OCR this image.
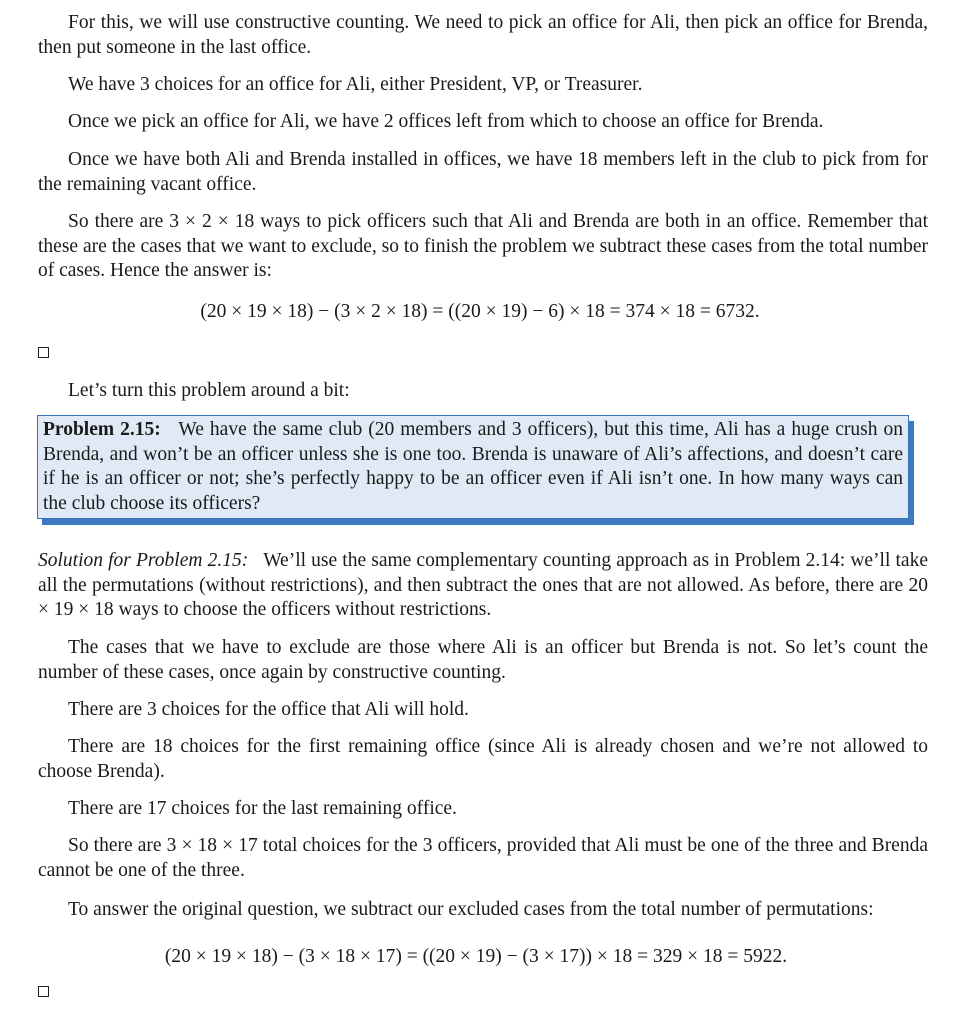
For this, we will use constructive counting. We need to pick an office for Ali, then pick an office for Brenda, then put someone in the last office.

We have 3 choices for an office for Ali, either President, VP, or Treasurer.

Once we pick an office for Ali, we have 2 offices left from which to choose an office for Brenda.

Once we have both Ali and Brenda installed in offices, we have 18 members left in the club to pick from for the remaining vacant office.

So there are 3 × 2 × 18 ways to pick officers such that Ali and Brenda are both in an office. Remember that these are the cases that we want to exclude, so to finish the problem we subtract these cases from the total number of cases. Hence the answer is:

(20 × 19 × 18) − (3 × 2 × 18) = ((20 × 19) − 6) × 18 = 374 × 18 = 6732.

Let’s turn this problem around a bit:

Problem 2.15: We have the same club (20 members and 3 officers), but this time, Ali has a huge crush on Brenda, and won’t be an officer unless she is one too. Brenda is unaware of Ali’s affections, and doesn’t care if he is an officer or not; she’s perfectly happy to be an officer even if Ali isn’t one. In how many ways can the club choose its officers?

Solution for Problem 2.15: We’ll use the same complementary counting approach as in Problem 2.14: we’ll take all the permutations (without restrictions), and then subtract the ones that are not allowed. As before, there are 20 × 19 × 18 ways to choose the officers without restrictions.

The cases that we have to exclude are those where Ali is an officer but Brenda is not. So let’s count the number of these cases, once again by constructive counting.

There are 3 choices for the office that Ali will hold.

There are 18 choices for the first remaining office (since Ali is already chosen and we’re not allowed to choose Brenda).

There are 17 choices for the last remaining office.

So there are 3 × 18 × 17 total choices for the 3 officers, provided that Ali must be one of the three and Brenda cannot be one of the three.

To answer the original question, we subtract our excluded cases from the total number of permutations:

(20 × 19 × 18) − (3 × 18 × 17) = ((20 × 19) − (3 × 17)) × 18 = 329 × 18 = 5922.
